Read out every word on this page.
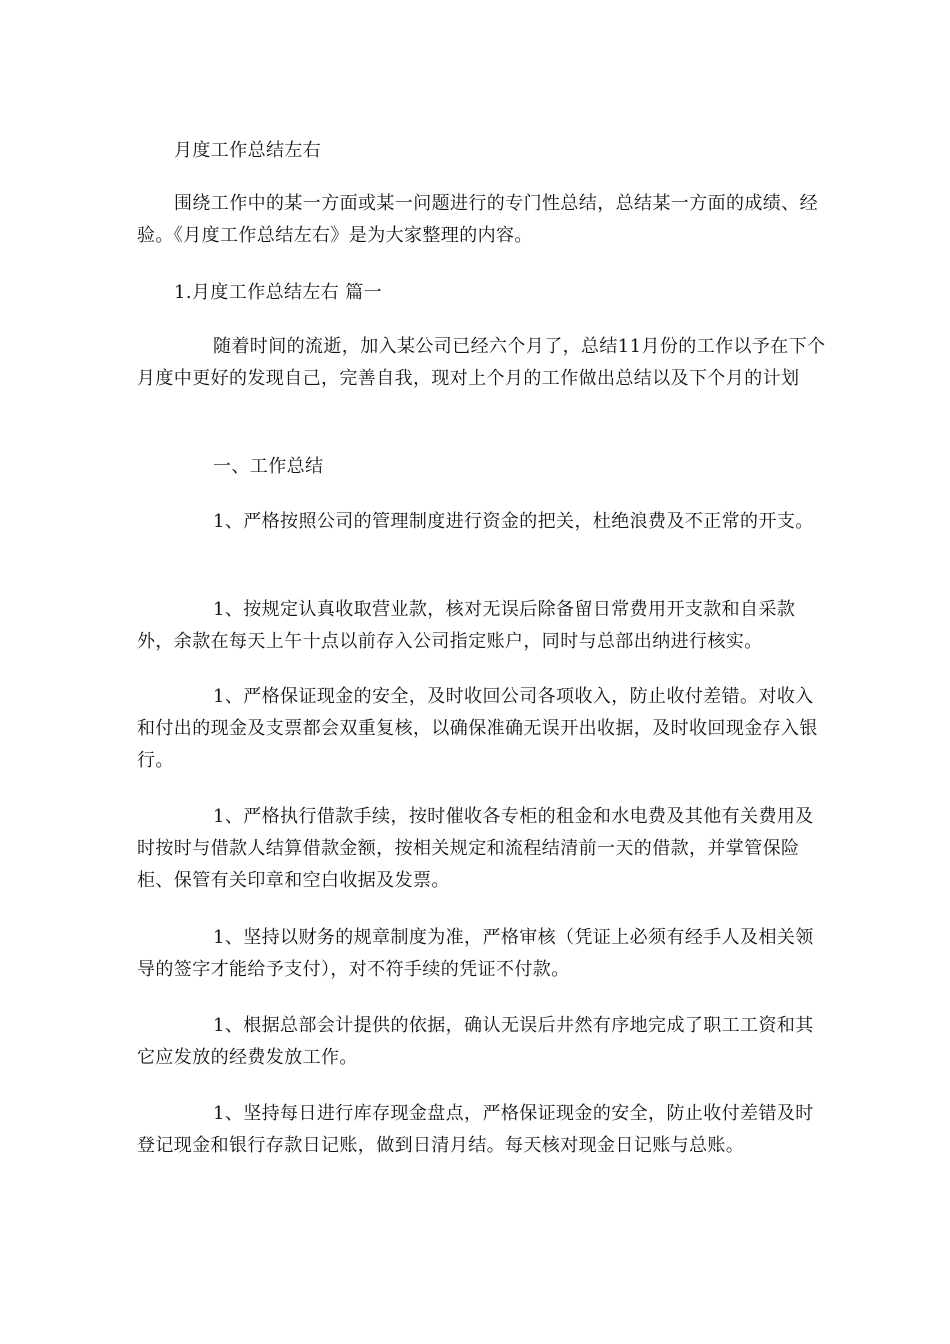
月度工作总结左右

围绕工作中的某一方面或某一问题进行的专门性总结，总结某一方面的成绩、经验。《月度工作总结左右》是为大家整理的内容。

1.月度工作总结左右 篇一

随着时间的流逝，加入某公司已经六个月了，总结11月份的工作以予在下个月度中更好的发现自己，完善自我，现对上个月的工作做出总结以及下个月的计划

一、工作总结

1、严格按照公司的管理制度进行资金的把关，杜绝浪费及不正常的开支。

1、按规定认真收取营业款，核对无误后除备留日常费用开支款和自采款外，余款在每天上午十点以前存入公司指定账户，同时与总部出纳进行核实。

1、严格保证现金的安全，及时收回公司各项收入，防止收付差错。对收入和付出的现金及支票都会双重复核，以确保准确无误开出收据，及时收回现金存入银行。

1、严格执行借款手续，按时催收各专柜的租金和水电费及其他有关费用及时按时与借款人结算借款金额，按相关规定和流程结清前一天的借款，并掌管保险柜、保管有关印章和空白收据及发票。

1、坚持以财务的规章制度为准，严格审核（凭证上必须有经手人及相关领导的签字才能给予支付），对不符手续的凭证不付款。

1、根据总部会计提供的依据，确认无误后井然有序地完成了职工工资和其它应发放的经费发放工作。

1、坚持每日进行库存现金盘点，严格保证现金的安全，防止收付差错及时登记现金和银行存款日记账，做到日清月结。每天核对现金日记账与总账。
